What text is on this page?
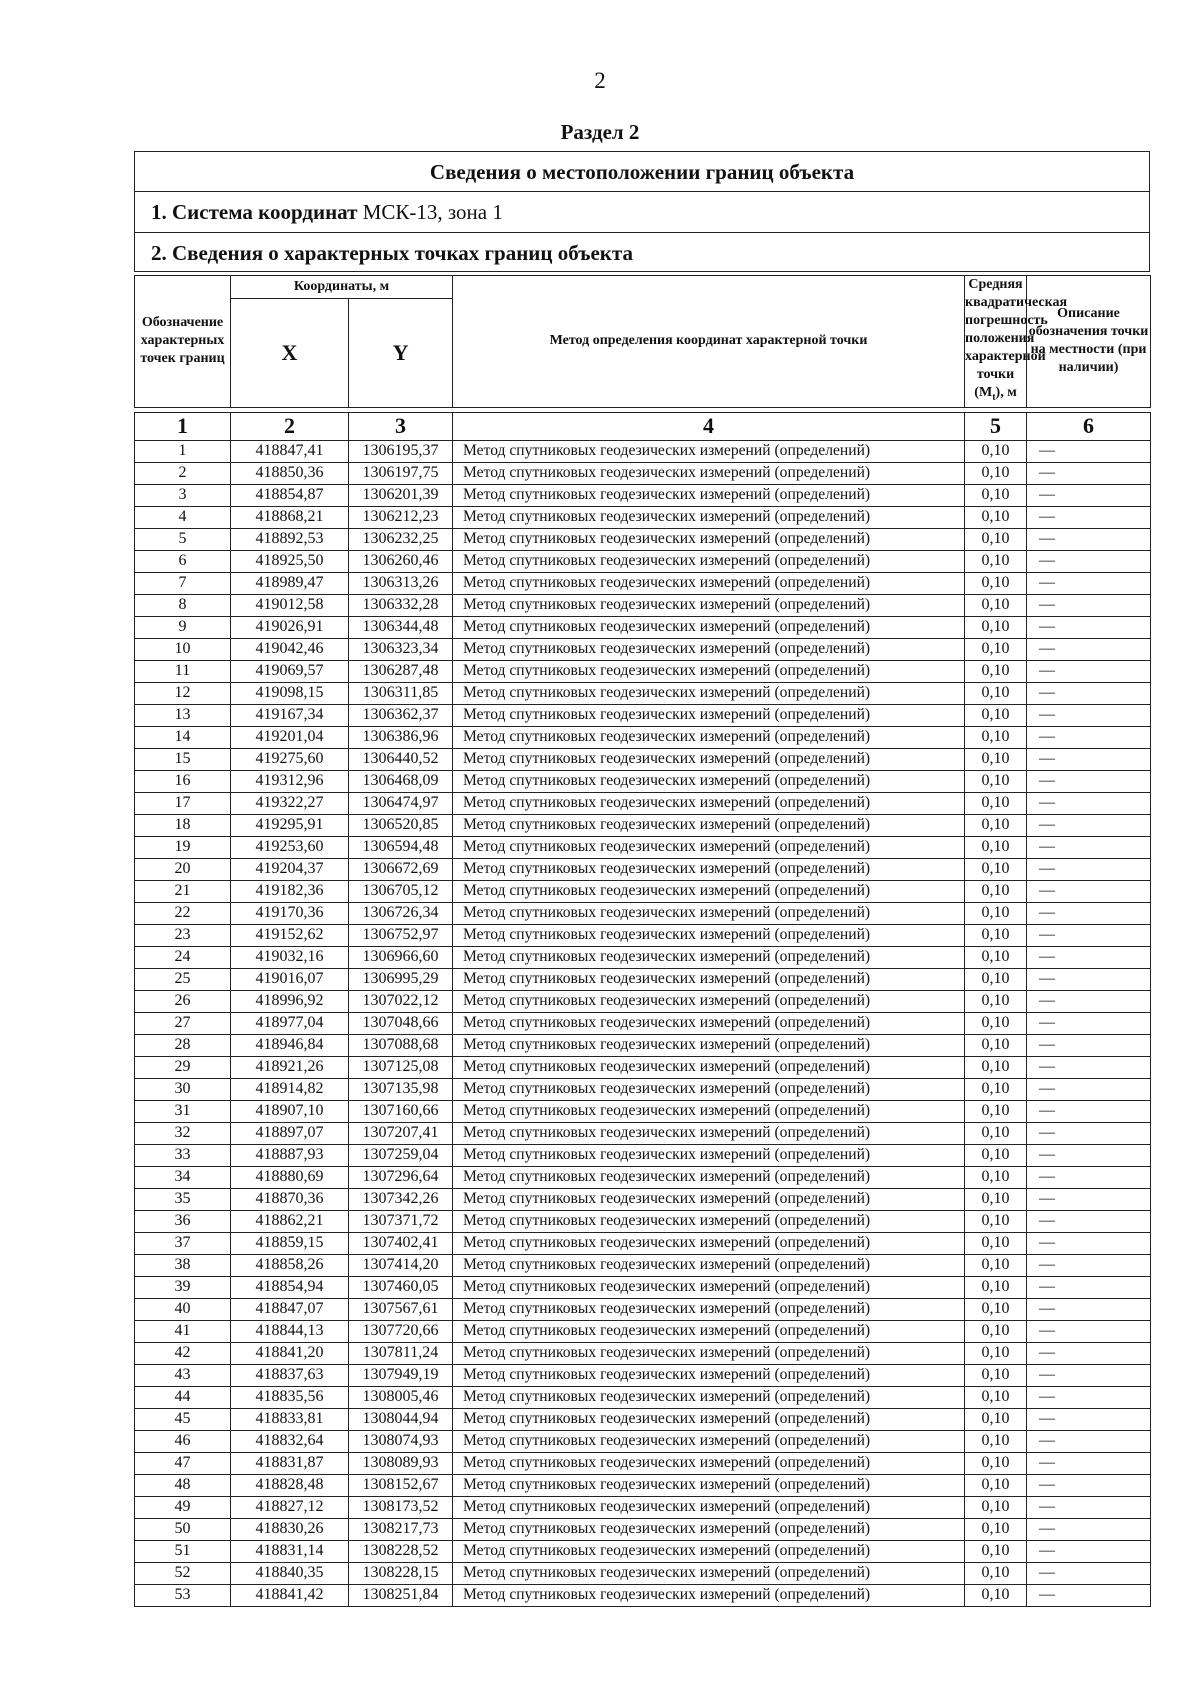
2
Раздел 2
Сведения о местоположении границ объекта
1. Система координат МСК-13, зона 1
2. Сведения о характерных точках границ объекта
Обозначение характерных точек границ	Координаты, м		Метод определения координат характерной точки	Средняя квадратическая погрешность положения характерной точки $(M_t)$, м	Описание обозначения точки на местности (при наличии)
	X	Y			

1	2	3	4	5	6
1	418847,41	1306195,37	Метод спутниковых геодезических измерений (определений)	0,10	—
2	418850,36	1306197,75	Метод спутниковых геодезических измерений (определений)	0,10	—
3	418854,87	1306201,39	Метод спутниковых геодезических измерений (определений)	0,10	—
4	418868,21	1306212,23	Метод спутниковых геодезических измерений (определений)	0,10	—
5	418892,53	1306232,25	Метод спутниковых геодезических измерений (определений)	0,10	—
6	418925,50	1306260,46	Метод спутниковых геодезических измерений (определений)	0,10	—
7	418989,47	1306313,26	Метод спутниковых геодезических измерений (определений)	0,10	—
8	419012,58	1306332,28	Метод спутниковых геодезических измерений (определений)	0,10	—
9	419026,91	1306344,48	Метод спутниковых геодезических измерений (определений)	0,10	—
10	419042,46	1306323,34	Метод спутниковых геодезических измерений (определений)	0,10	—
11	419069,57	1306287,48	Метод спутниковых геодезических измерений (определений)	0,10	—
12	419098,15	1306311,85	Метод спутниковых геодезических измерений (определений)	0,10	—
13	419167,34	1306362,37	Метод спутниковых геодезических измерений (определений)	0,10	—
14	419201,04	1306386,96	Метод спутниковых геодезических измерений (определений)	0,10	—
15	419275,60	1306440,52	Метод спутниковых геодезических измерений (определений)	0,10	—
16	419312,96	1306468,09	Метод спутниковых геодезических измерений (определений)	0,10	—
17	419322,27	1306474,97	Метод спутниковых геодезических измерений (определений)	0,10	—
18	419295,91	1306520,85	Метод спутниковых геодезических измерений (определений)	0,10	—
19	419253,60	1306594,48	Метод спутниковых геодезических измерений (определений)	0,10	—
20	419204,37	1306672,69	Метод спутниковых геодезических измерений (определений)	0,10	—
21	419182,36	1306705,12	Метод спутниковых геодезических измерений (определений)	0,10	—
22	419170,36	1306726,34	Метод спутниковых геодезических измерений (определений)	0,10	—
23	419152,62	1306752,97	Метод спутниковых геодезических измерений (определений)	0,10	—
24	419032,16	1306966,60	Метод спутниковых геодезических измерений (определений)	0,10	—
25	419016,07	1306995,29	Метод спутниковых геодезических измерений (определений)	0,10	—
26	418996,92	1307022,12	Метод спутниковых геодезических измерений (определений)	0,10	—
27	418977,04	1307048,66	Метод спутниковых геодезических измерений (определений)	0,10	—
28	418946,84	1307088,68	Метод спутниковых геодезических измерений (определений)	0,10	—
29	418921,26	1307125,08	Метод спутниковых геодезических измерений (определений)	0,10	—
30	418914,82	1307135,98	Метод спутниковых геодезических измерений (определений)	0,10	—
31	418907,10	1307160,66	Метод спутниковых геодезических измерений (определений)	0,10	—
32	418897,07	1307207,41	Метод спутниковых геодезических измерений (определений)	0,10	—
33	418887,93	1307259,04	Метод спутниковых геодезических измерений (определений)	0,10	—
34	418880,69	1307296,64	Метод спутниковых геодезических измерений (определений)	0,10	—
35	418870,36	1307342,26	Метод спутниковых геодезических измерений (определений)	0,10	—
36	418862,21	1307371,72	Метод спутниковых геодезических измерений (определений)	0,10	—
37	418859,15	1307402,41	Метод спутниковых геодезических измерений (определений)	0,10	—
38	418858,26	1307414,20	Метод спутниковых геодезических измерений (определений)	0,10	—
39	418854,94	1307460,05	Метод спутниковых геодезических измерений (определений)	0,10	—
40	418847,07	1307567,61	Метод спутниковых геодезических измерений (определений)	0,10	—
41	418844,13	1307720,66	Метод спутниковых геодезических измерений (определений)	0,10	—
42	418841,20	1307811,24	Метод спутниковых геодезических измерений (определений)	0,10	—
43	418837,63	1307949,19	Метод спутниковых геодезических измерений (определений)	0,10	—
44	418835,56	1308005,46	Метод спутниковых геодезических измерений (определений)	0,10	—
45	418833,81	1308044,94	Метод спутниковых геодезических измерений (определений)	0,10	—
46	418832,64	1308074,93	Метод спутниковых геодезических измерений (определений)	0,10	—
47	418831,87	1308089,93	Метод спутниковых геодезических измерений (определений)	0,10	—
48	418828,48	1308152,67	Метод спутниковых геодезических измерений (определений)	0,10	—
49	418827,12	1308173,52	Метод спутниковых геодезических измерений (определений)	0,10	—
50	418830,26	1308217,73	Метод спутниковых геодезических измерений (определений)	0,10	—
51	418831,14	1308228,52	Метод спутниковых геодезических измерений (определений)	0,10	—
52	418840,35	1308228,15	Метод спутниковых геодезических измерений (определений)	0,10	—
53	418841,42	1308251,84	Метод спутниковых геодезических измерений (определений)	0,10	—
